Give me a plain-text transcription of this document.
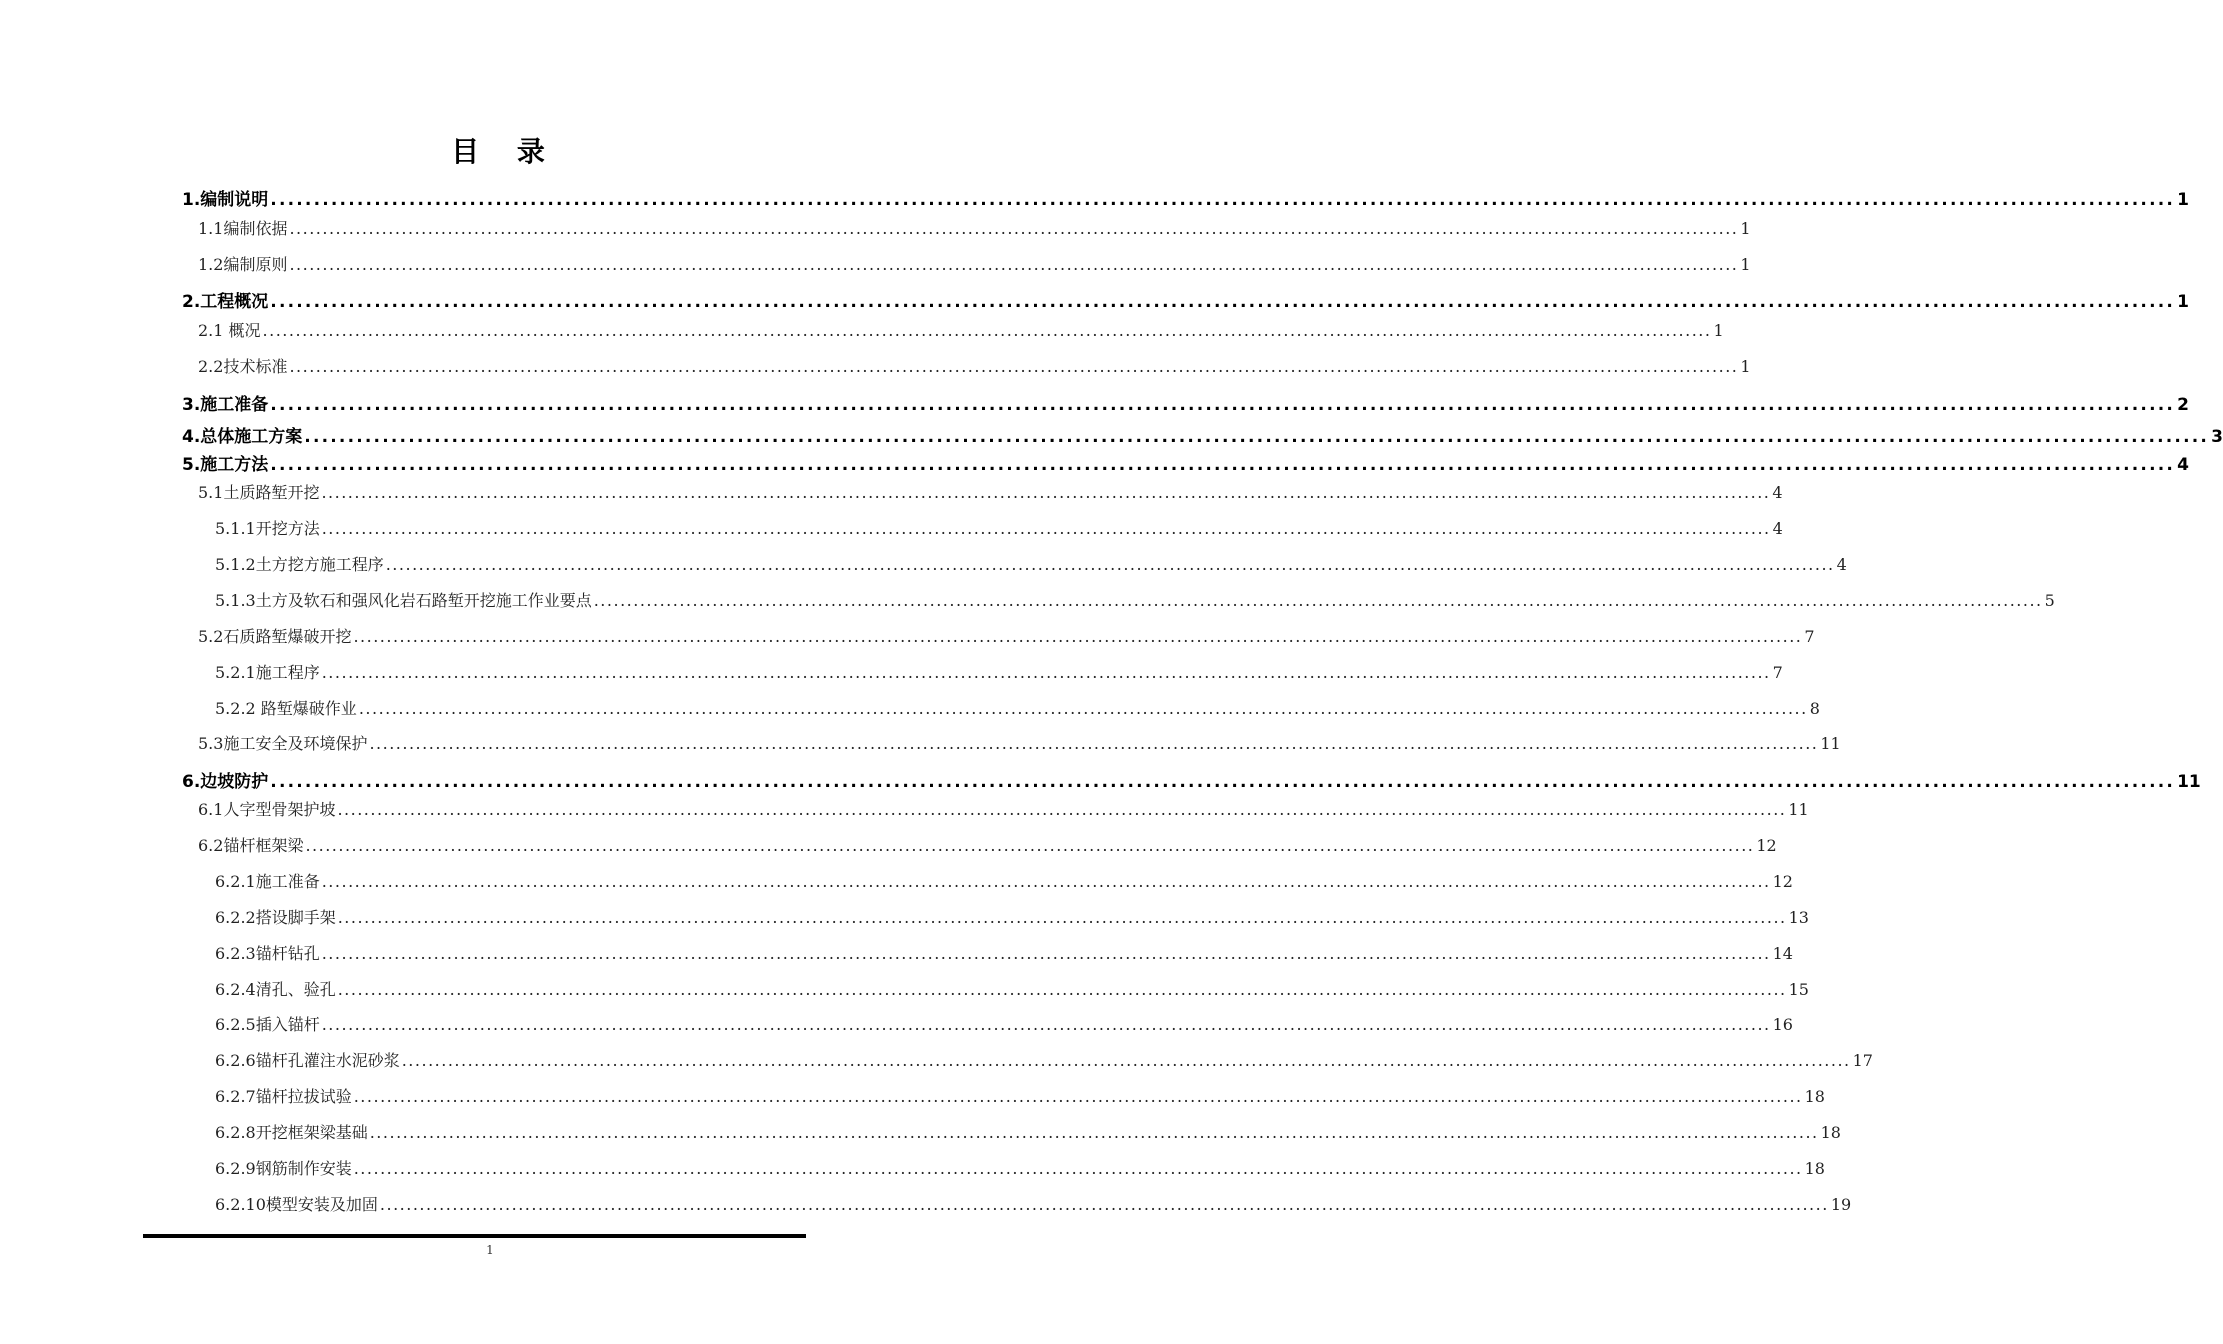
目 录
1.编制说明 ............................................................................................................................................................................................................................ 1
1.1编制依据 ............................................................................................................................................................................................................................ 1
1.2编制原则 ............................................................................................................................................................................................................................ 1
2.工程概况 ............................................................................................................................................................................................................................ 1
2.1 概况 ............................................................................................................................................................................................................................ 1
2.2技术标准 ............................................................................................................................................................................................................................ 1
3.施工准备 ............................................................................................................................................................................................................................ 2
4.总体施工方案 ............................................................................................................................................................................................................................ 3
5.施工方法 ............................................................................................................................................................................................................................ 4
5.1土质路堑开挖 ............................................................................................................................................................................................................................ 4
5.1.1开挖方法 ............................................................................................................................................................................................................................ 4
5.1.2土方挖方施工程序 ............................................................................................................................................................................................................................ 4
5.1.3土方及软石和强风化岩石路堑开挖施工作业要点 ............................................................................................................................................................................................................................ 5
5.2石质路堑爆破开挖 ............................................................................................................................................................................................................................ 7
5.2.1施工程序 ............................................................................................................................................................................................................................ 7
5.2.2 路堑爆破作业 ............................................................................................................................................................................................................................ 8
5.3施工安全及环境保护 ............................................................................................................................................................................................................................ 11
6.边坡防护 ............................................................................................................................................................................................................................ 11
6.1人字型骨架护坡 ............................................................................................................................................................................................................................ 11
6.2锚杆框架梁 ............................................................................................................................................................................................................................ 12
6.2.1施工准备 ............................................................................................................................................................................................................................ 12
6.2.2搭设脚手架 ............................................................................................................................................................................................................................ 13
6.2.3锚杆钻孔 ............................................................................................................................................................................................................................ 14
6.2.4清孔、验孔 ............................................................................................................................................................................................................................ 15
6.2.5插入锚杆 ............................................................................................................................................................................................................................ 16
6.2.6锚杆孔灌注水泥砂浆 ............................................................................................................................................................................................................................ 17
6.2.7锚杆拉拔试验 ............................................................................................................................................................................................................................ 18
6.2.8开挖框架梁基础 ............................................................................................................................................................................................................................ 18
6.2.9钢筋制作安装 ............................................................................................................................................................................................................................ 18
6.2.10模型安装及加固 ............................................................................................................................................................................................................................ 19
1
